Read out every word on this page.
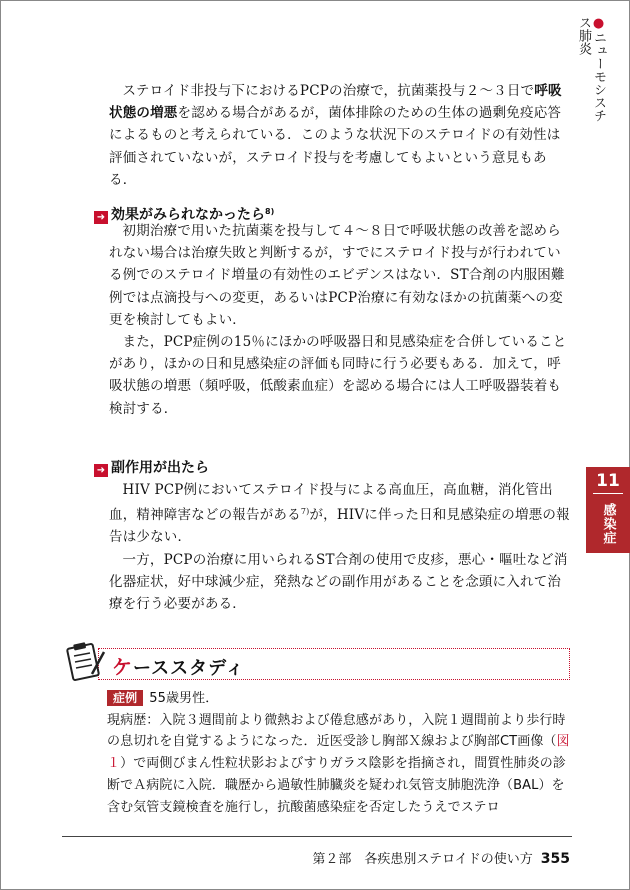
●ニューモシスチス肺炎
11
感染症

ステロイド非投与下におけるPCPの治療で，抗菌薬投与２～３日で呼吸状態の増悪を認める場合があるが，菌体排除のための生体の過剰免疫応答によるものと考えられている．このような状況下のステロイドの有効性は評価されていないが，ステロイド投与を考慮してもよいという意見もある．

➜ 効果がみられなかったら$^{8)}$

初期治療で用いた抗菌薬を投与して４～８日で呼吸状態の改善を認められない場合は治療失敗と判断するが，すでにステロイド投与が行われている例でのステロイド増量の有効性のエビデンスはない．ST合剤の内服困難例では点滴投与への変更，あるいはPCP治療に有効なほかの抗菌薬への変更を検討してもよい．

また，PCP症例の15％にほかの呼吸器日和見感染症を合併していることがあり，ほかの日和見感染症の評価も同時に行う必要もある．加えて，呼吸状態の増悪（頻呼吸，低酸素血症）を認める場合には人工呼吸器装着も検討する．

➜ 副作用が出たら

HIV PCP例においてステロイド投与による高血圧，高血糖，消化管出血，精神障害などの報告がある$^{7)}$が，HIVに伴った日和見感染症の増悪の報告は少ない．

一方，PCPの治療に用いられるST合剤の使用で皮疹，悪心・嘔吐など消化器症状，好中球減少症，発熱などの副作用があることを念頭に入れて治療を行う必要がある．

ケーススタディ
症例 55歳男性．
現病歴：入院３週間前より微熱および倦怠感があり，入院１週間前より歩行時の息切れを自覚するようになった．近医受診し胸部Ｘ線および胸部CT画像（図１）で両側びまん性粒状影およびすりガラス陰影を指摘され，間質性肺炎の診断でＡ病院に入院．職歴から過敏性肺臓炎を疑われ気管支肺胞洗浄（BAL）を含む気管支鏡検査を施行し，抗酸菌感染症を否定したうえでステロ
第２部　各疾患別ステロイドの使い方 355
